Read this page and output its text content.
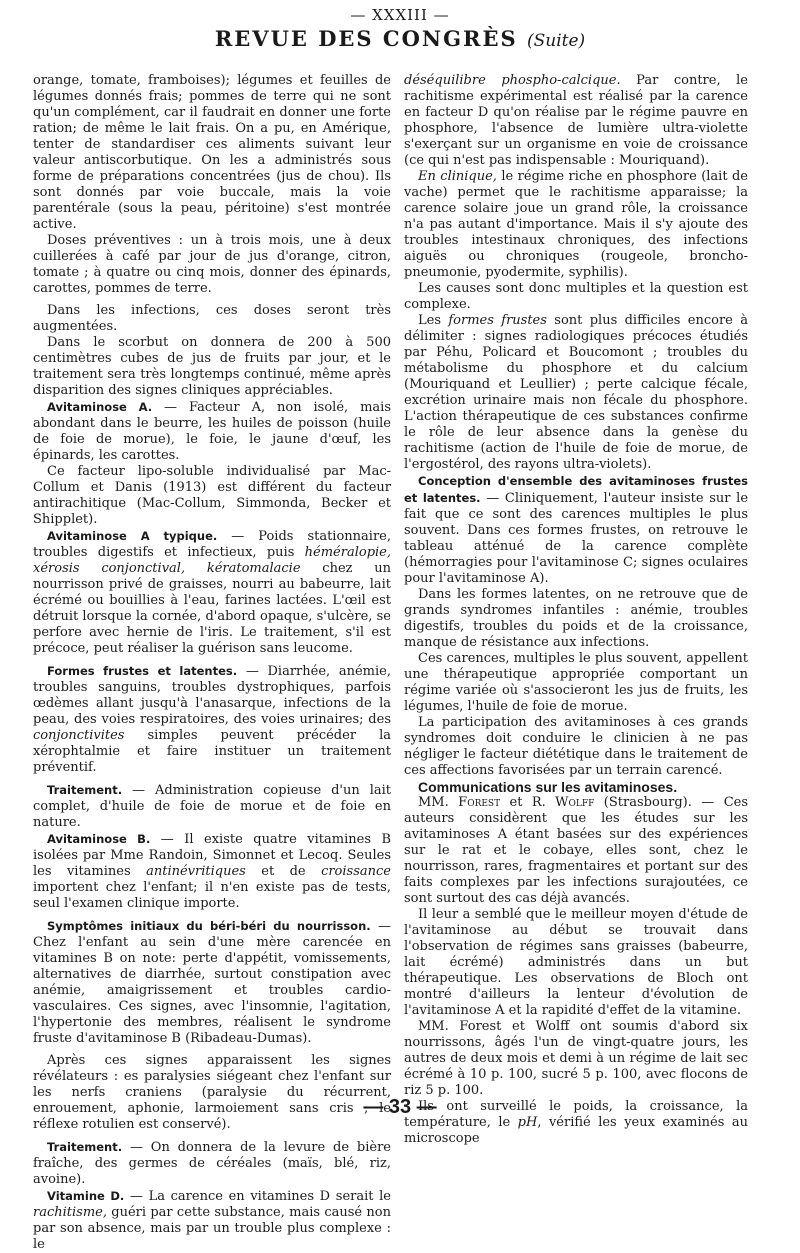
— XXXIII —
REVUE DES CONGRÈS (Suite)

orange, tomate, framboises); légumes et feuilles de légumes donnés frais; pommes de terre qui ne sont qu'un complément, car il faudrait en donner une forte ration; de même le lait frais. On a pu, en Amérique, tenter de standardiser ces aliments suivant leur valeur antiscorbutique. On les a administrés sous forme de préparations concentrées (jus de chou). Ils sont donnés par voie buccale, mais la voie parentérale (sous la peau, péritoine) s'est montrée active.

Doses préventives : un à trois mois, une à deux cuillerées à café par jour de jus d'orange, citron, tomate ; à quatre ou cinq mois, donner des épinards, carottes, pommes de terre.

Dans les infections, ces doses seront très augmentées.

Dans le scorbut on donnera de 200 à 500 centimètres cubes de jus de fruits par jour, et le traitement sera très longtemps continué, même après disparition des signes cliniques appréciables.

Avitaminose A. — Facteur A, non isolé, mais abondant dans le beurre, les huiles de poisson (huile de foie de morue), le foie, le jaune d'œuf, les épinards, les carottes.

Ce facteur lipo-soluble individualisé par Mac-Collum et Danis (1913) est différent du facteur antirachitique (Mac-Collum, Simmonda, Becker et Shipplet).

Avitaminose A typique. — Poids stationnaire, troubles digestifs et infectieux, puis héméralopie, xérosis conjonctival, kératomalacie chez un nourrisson privé de graisses, nourri au babeurre, lait écrémé ou bouillies à l'eau, farines lactées. L'œil est détruit lorsque la cornée, d'abord opaque, s'ulcère, se perfore avec hernie de l'iris. Le traitement, s'il est précoce, peut réaliser la guérison sans leucome.

Formes frustes et latentes. — Diarrhée, anémie, troubles sanguins, troubles dystrophiques, parfois œdèmes allant jusqu'à l'anasarque, infections de la peau, des voies respiratoires, des voies urinaires; des conjonctivites simples peuvent précéder la xérophtalmie et faire instituer un traitement préventif.

Traitement. — Administration copieuse d'un lait complet, d'huile de foie de morue et de foie en nature.

Avitaminose B. — Il existe quatre vitamines B isolées par Mme Randoin, Simonnet et Lecoq. Seules les vitamines antinévritiques et de croissance importent chez l'enfant; il n'en existe pas de tests, seul l'examen clinique importe.

Symptômes initiaux du béri-béri du nourrisson. — Chez l'enfant au sein d'une mère carencée en vitamines B on note: perte d'appétit, vomissements, alternatives de diarrhée, surtout constipation avec anémie, amaigrissement et troubles cardio-vasculaires. Ces signes, avec l'insomnie, l'agitation, l'hypertonie des membres, réalisent le syndrome fruste d'avitaminose B (Ribadeau-Dumas).

Après ces signes apparaissent les signes révélateurs : es paralysies siégeant chez l'enfant sur les nerfs craniens (paralysie du récurrent, enrouement, aphonie, larmoiement sans cris ; le réflexe rotulien est conservé).

Traitement. — On donnera de la levure de bière fraîche, des germes de céréales (maïs, blé, riz, avoine).

Vitamine D. — La carence en vitamines D serait le rachitisme, guéri par cette substance, mais causé non par son absence, mais par un trouble plus complexe : le

déséquilibre phospho-calcique. Par contre, le rachitisme expérimental est réalisé par la carence en facteur D qu'on réalise par le régime pauvre en phosphore, l'absence de lumière ultra-violette s'exerçant sur un organisme en voie de croissance (ce qui n'est pas indispensable : Mouriquand).

En clinique, le régime riche en phosphore (lait de vache) permet que le rachitisme apparaisse; la carence solaire joue un grand rôle, la croissance n'a pas autant d'importance. Mais il s'y ajoute des troubles intestinaux chroniques, des infections aiguës ou chroniques (rougeole, broncho-pneumonie, pyodermite, syphilis).

Les causes sont donc multiples et la question est complexe.

Les formes frustes sont plus difficiles encore à délimiter : signes radiologiques précoces étudiés par Péhu, Policard et Boucomont ; troubles du métabolisme du phosphore et du calcium (Mouriquand et Leullier) ; perte calcique fécale, excrétion urinaire mais non fécale du phosphore. L'action thérapeutique de ces substances confirme le rôle de leur absence dans la genèse du rachitisme (action de l'huile de foie de morue, de l'ergostérol, des rayons ultra-violets).

Conception d'ensemble des avitaminoses frustes et latentes. — Cliniquement, l'auteur insiste sur le fait que ce sont des carences multiples le plus souvent. Dans ces formes frustes, on retrouve le tableau atténué de la carence complète (hémorragies pour l'avitaminose C; signes oculaires pour l'avitaminose A).

Dans les formes latentes, on ne retrouve que de grands syndromes infantiles : anémie, troubles digestifs, troubles du poids et de la croissance, manque de résistance aux infections.

Ces carences, multiples le plus souvent, appellent une thérapeutique appropriée comportant un régime variée où s'associeront les jus de fruits, les légumes, l'huile de foie de morue.

La participation des avitaminoses à ces grands syndromes doit conduire le clinicien à ne pas négliger le facteur diététique dans le traitement de ces affections favorisées par un terrain carencé.

Communications sur les avitaminoses.

MM. Forest et R. Wolff (Strasbourg). — Ces auteurs considèrent que les études sur les avitaminoses A étant basées sur des expériences sur le rat et le cobaye, elles sont, chez le nourrisson, rares, fragmentaires et portant sur des faits complexes par les infections surajoutées, ce sont surtout des cas déjà avancés.

Il leur a semblé que le meilleur moyen d'étude de l'avitaminose au début se trouvait dans l'observation de régimes sans graisses (babeurre, lait écrémé) administrés dans un but thérapeutique. Les observations de Bloch ont montré d'ailleurs la lenteur d'évolution de l'avitaminose A et la rapidité d'effet de la vitamine.

MM. Forest et Wolff ont soumis d'abord six nourrissons, âgés l'un de vingt-quatre jours, les autres de deux mois et demi à un régime de lait sec écrémé à 10 p. 100, sucré 5 p. 100, avec flocons de riz 5 p. 100.

Ils ont surveillé le poids, la croissance, la température, le pH, vérifié les yeux examinés au microscope

— 33 —
